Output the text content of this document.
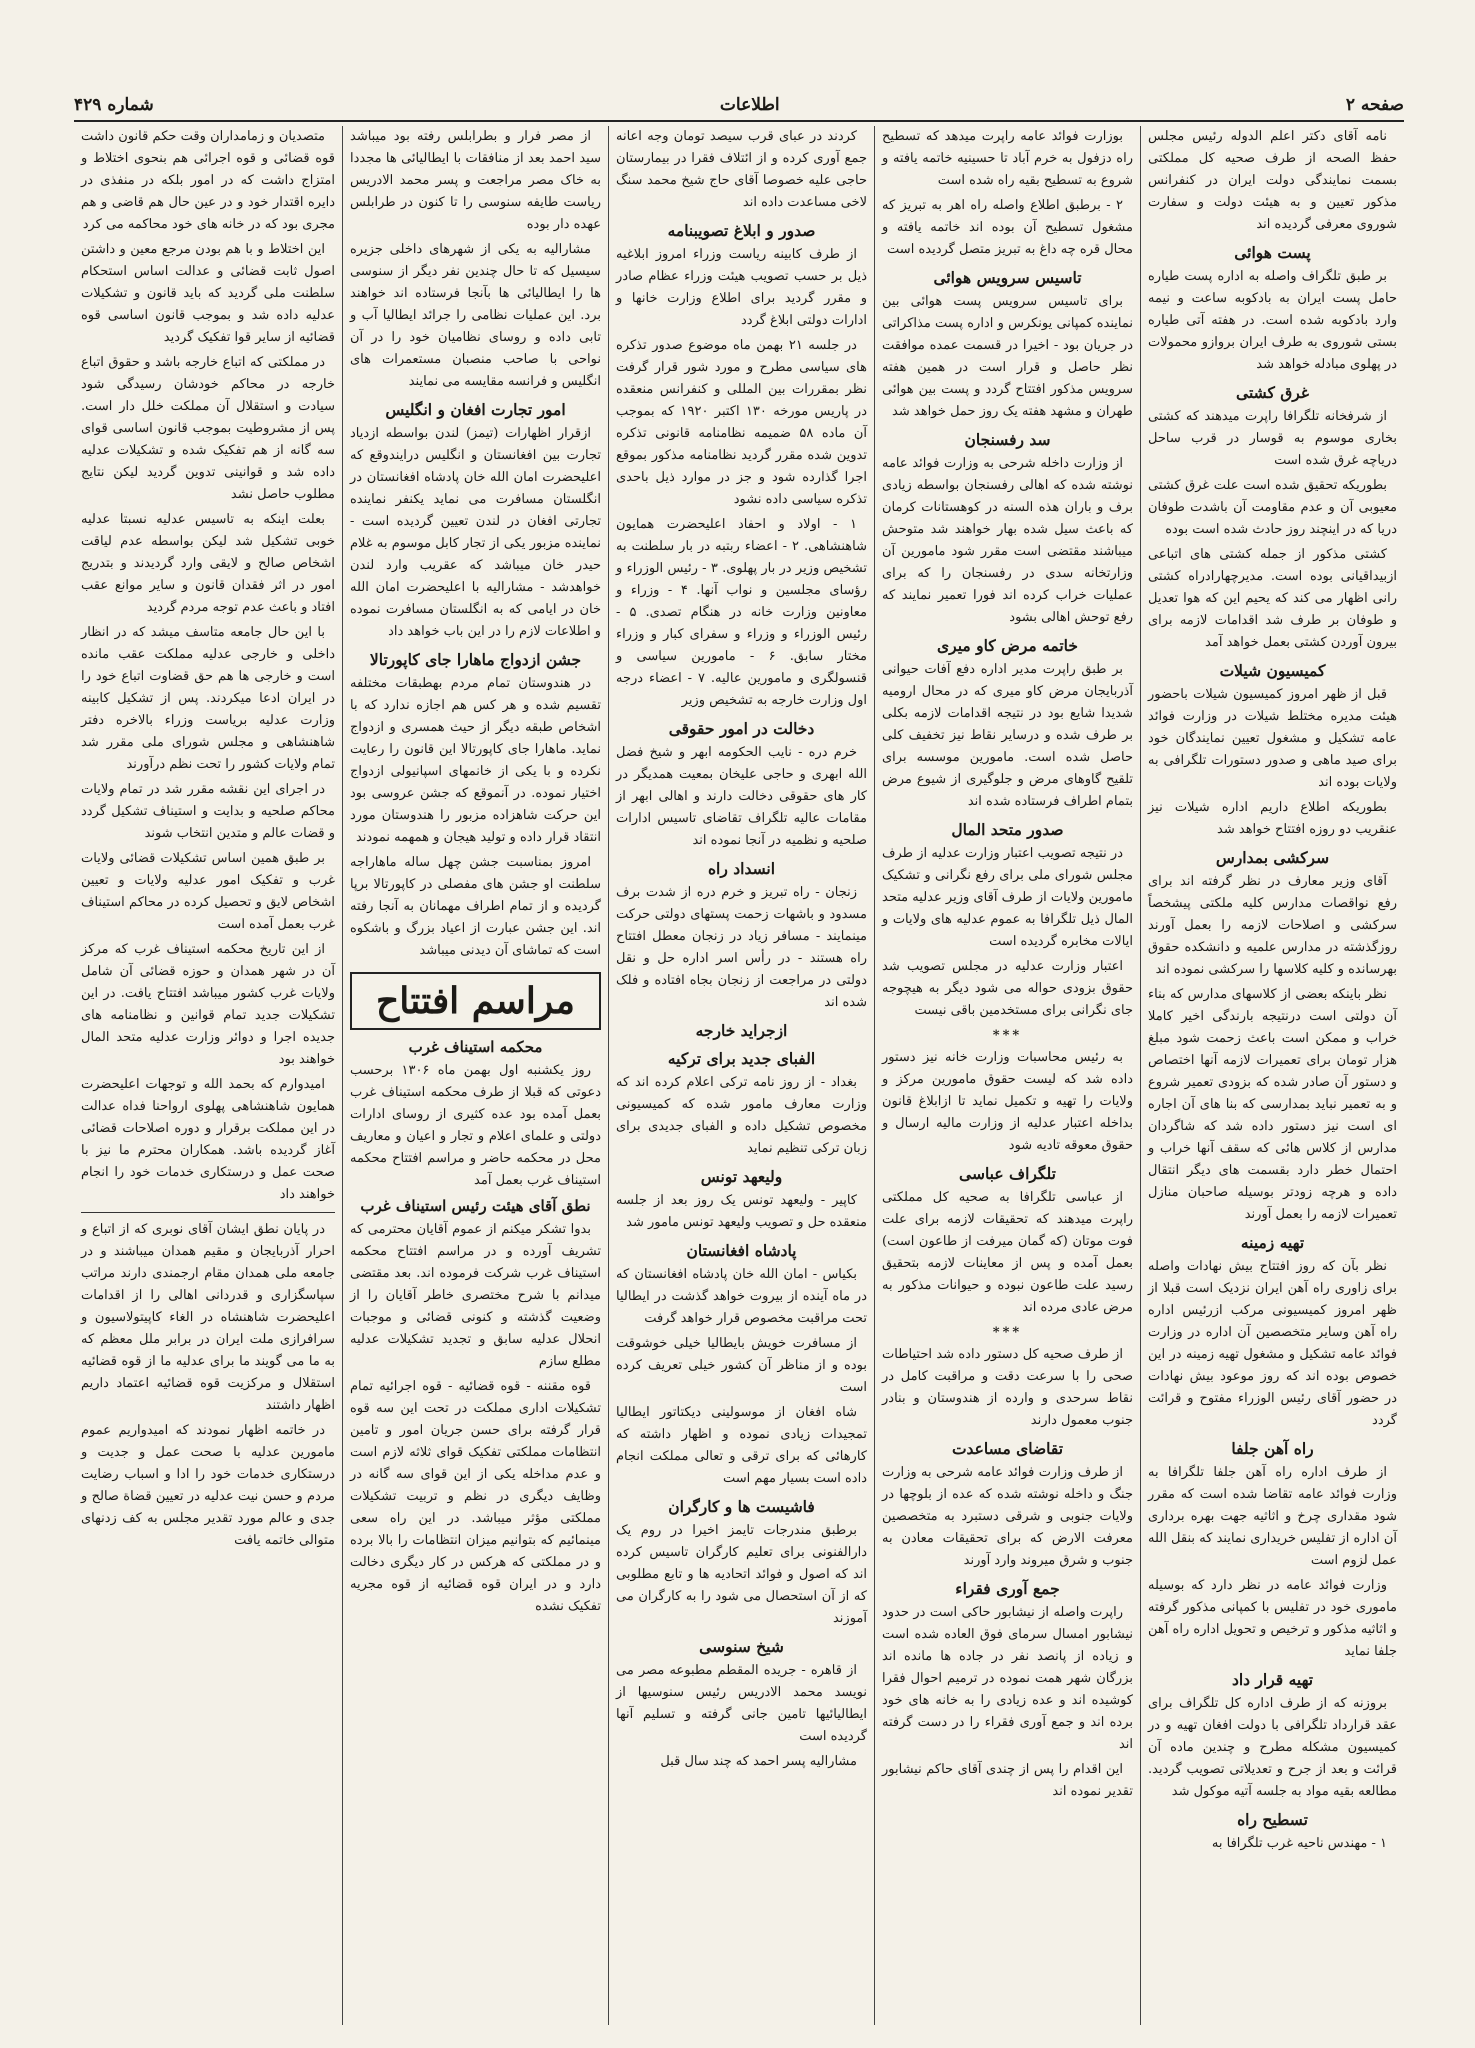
صفحه ۲
اطلاعات
شماره ۴۲۹

نامه آقای دکتر اعلم الدوله رئیس مجلس حفظ الصحه از طرف صحیه کل مملکتی بسمت نمایندگی دولت ایران در کنفرانس مذکور تعیین و به هیئت دولت و سفارت شوروی معرفی گردیده اند

پست هوائی

بر طبق تلگراف واصله به اداره پست طیاره حامل پست ایران به بادکوبه ساعت و نیمه وارد بادکوبه شده است. در هفته آتی طیاره بستی شوروی به طرف ایران بروازو محمولات در پهلوی مبادله خواهد شد

غرق کشتی

از شرفخانه تلگرافا راپرت میدهند که کشتی بخاری موسوم به قوسار در قرب ساحل دریاچه غرق شده است

بطوریکه تحقیق شده است علت غرق کشتی معیوبی آن و عدم مقاومت آن باشدت طوفان دریا که در اینچند روز حادث شده است بوده

کشتی مذکور از جمله کشتی های اتباعی ازبیداقیانی بوده است. مدیرچهارادراه کشتی رانی اظهار می کند که یحیم این که هوا تعدیل و طوفان بر طرف شد اقدامات لازمه برای بیرون آوردن کشتی بعمل خواهد آمد

کمیسیون شیلات

قبل از ظهر امروز کمیسیون شیلات باحضور هیئت مدیره مختلط شیلات در وزارت فوائد عامه تشکیل و مشغول تعیین نمایندگان خود برای صید ماهی و صدور دستورات تلگرافی به ولایات بوده اند

بطوریکه اطلاع داریم اداره شیلات نیز عنقریب دو روزه افتتاح خواهد شد

سرکشی بمدارس

آقای وزیر معارف در نظر گرفته اند برای رفع نواقصات مدارس کلیه ملکتی پیشخصاً سرکشی و اصلاحات لازمه را بعمل آورند روزگذشته در مدارس علمیه و دانشکده حقوق بهرسانده و کلیه کلاسها را سرکشی نموده اند

نظر باینکه بعضی از کلاسهای مدارس که بناء آن دولتی است درنتیجه بارندگی اخیر کاملا خراب و ممکن است باعث زحمت شود مبلغ هزار تومان برای تعمیرات لازمه آنها اختصاص و دستور آن صادر شده که بزودی تعمیر شروع و به تعمیر نباید بمدارسی که بنا های آن اجاره ای است نیز دستور داده شد که شاگردان مدارس از کلاس هائی که سقف آنها خراب و احتمال خطر دارد بقسمت های دیگر انتقال داده و هرچه زودتر بوسیله صاحبان منازل تعمیرات لازمه را بعمل آورند

تهیه زمینه

نظر بآن که روز افتتاح بیش نهادات واصله برای زاوری راه آهن ایران نزدیک است قبلا از ظهر امروز کمیسیونی مرکب ازرئیس اداره راه آهن وسایر متخصصین آن اداره در وزارت فوائد عامه تشکیل و مشغول تهیه زمینه در این خصوص بوده اند که روز موعود بیش نهادات در حضور آقای رئیس الوزراء مفتوح و قرائت گردد

راه آهن جلفا

از طرف اداره راه آهن جلفا تلگرافا به وزارت فوائد عامه تقاضا شده است که مقرر شود مقداری چرخ و اثاثیه جهت بهره برداری آن اداره از تفلیس خریداری نمایند که بنقل الله عمل لزوم است

وزارت فوائد عامه در نظر دارد که بوسیله ماموری خود در تفلیس با کمپانی مذکور گرفته و اثاثیه مذکور و ترخیص و تحویل اداره راه آهن جلفا نماید

تهیه قرار داد

بروزنه که از طرف اداره کل تلگراف برای عقد قرارداد تلگرافی با دولت افغان تهیه و در کمیسیون مشکله مطرح و چندین ماده آن قرائت و بعد از جرح و تعدیلاتی تصویب گردید. مطالعه بقیه مواد به جلسه آتیه موکول شد

تسطیح راه

۱ - مهندس ناحیه غرب تلگرافا به

بوزارت فوائد عامه راپرت میدهد که تسطیح راه دزفول به خرم آباد تا حسینیه خاتمه یافته و شروع به تسطیح بقیه راه شده است

۲ - برطبق اطلاع واصله راه اهر به تبریز که مشغول تسطیح آن بوده اند خاتمه یافته و محال قره چه داغ به تبریز متصل گردیده است

تاسیس سرویس هوائی

برای تاسیس سرویس پست هوائی بین نماینده کمپانی یونکرس و اداره پست مذاکراتی در جریان بود - اخیرا در قسمت عمده موافقت نظر حاصل و قرار است در همین هفته سرویس مذکور افتتاح گردد و پست بین هوائی طهران و مشهد هفته یک روز حمل خواهد شد

سد رفسنجان

از وزارت داخله شرحی به وزارت فوائد عامه نوشته شده که اهالی رفسنجان بواسطه زیادی برف و باران هذه السنه در کوهستانات کرمان که باعث سیل شده بهار خواهند شد متوحش میباشند مقتضی است مقرر شود مامورین آن وزارتخانه سدی در رفسنجان را که برای عملیات خراب کرده اند فورا تعمیر نمایند که رفع توحش اهالی بشود

خاتمه مرض کاو میری

بر طبق راپرت مدیر اداره دفع آفات حیوانی آذربایجان مرض کاو میری که در محال ارومیه شدیدا شایع بود در نتیجه اقدامات لازمه بکلی بر طرف شده و درسایر نقاط نیز تخفیف کلی حاصل شده است. مامورین موسسه برای تلقیح گاوهای مرض و جلوگیری از شیوع مرض بتمام اطراف فرستاده شده اند

صدور متحد المال

در نتیجه تصویب اعتبار وزارت عدلیه از طرف مجلس شورای ملی برای رفع نگرانی و تشکیک مامورین ولایات از طرف آقای وزیر عدلیه متحد المال ذیل تلگرافا به عموم عدلیه های ولایات و ایالات مخابره گردیده است

اعتبار وزارت عدلیه در مجلس تصویب شد حقوق بزودی حواله می شود دیگر به هیچوجه جای نگرانی برای مستخدمین باقی نیست

***

به رئیس محاسبات وزارت خانه نیز دستور داده شد که لیست حقوق مامورین مرکز و ولایات را تهیه و تکمیل نماید تا ازابلاغ قانون بداخله اعتبار عدلیه از وزارت مالیه ارسال و حقوق معوقه تادیه شود

تلگراف عباسی

از عباسی تلگرافا به صحیه کل مملکتی راپرت میدهند که تحقیقات لازمه برای علت فوت موتان (که گمان میرفت از طاعون است) بعمل آمده و پس از معاینات لازمه بتحقیق رسید علت طاعون نبوده و حیوانات مذکور به مرض عادی مرده اند

***

از طرف صحیه کل دستور داده شد احتیاطات صحی را با سرعت دقت و مراقبت کامل در نقاط سرحدی و وارده از هندوستان و بنادر جنوب معمول دارند

تقاضای مساعدت

از طرف وزارت فوائد عامه شرحی به وزارت جنگ و داخله نوشته شده که عده از بلوچها در ولایات جنوبی و شرقی دستبرد به متخصصین معرفت الارض که برای تحقیقات معادن به جنوب و شرق میروند وارد آورند

جمع آوری فقراء

راپرت واصله از نیشابور حاکی است در حدود نیشابور امسال سرمای فوق العاده شده است و زیاده از پانصد نفر در جاده ها مانده اند بزرگان شهر همت نموده در ترمیم احوال فقرا کوشیده اند و عده زیادی را به خانه های خود برده اند و جمع آوری فقراء را در دست گرفته اند

این اقدام را پس از چندی آقای حاکم نیشابور تقدیر نموده اند

کردند در عبای قرب سیصد تومان وجه اعانه جمع آوری کرده و از ائتلاف فقرا در بیمارستان حاجی علیه خصوصا آقای حاج شیخ محمد سنگ لاخی مساعدت داده اند

صدور و ابلاغ تصویبنامه

از طرف کابینه ریاست وزراء امروز ابلاغیه ذیل بر حسب تصویب هیئت وزراء عظام صادر و مقرر گردید برای اطلاع وزارت خانها و ادارات دولتی ابلاغ گردد

در جلسه ۲۱ بهمن ماه موضوع صدور تذکره های سیاسی مطرح و مورد شور قرار گرفت نظر بمقررات بین المللی و کنفرانس منعقده در پاریس مورخه ۱۳۰ اکتبر ۱۹۲۰ که بموجب آن ماده ۵۸ ضمیمه نظامنامه قانونی تذکره تدوین شده مقرر گردید نظامنامه مذکور بموقع اجرا گذارده شود و جز در موارد ذیل باحدی تذکره سیاسی داده نشود

۱ - اولاد و احفاد اعلیحضرت همایون شاهنشاهی. ۲ - اعضاء ربتبه در بار سلطنت به تشخیص وزیر در بار پهلوی. ۳ - رئیس الوزراء و رؤسای مجلسین و نواب آنها. ۴ - وزراء و معاونین وزارت خانه در هنگام تصدی. ۵ - رئیس الوزراء و وزراء و سفرای کبار و وزراء مختار سابق. ۶ - مامورین سیاسی و قنسولگری و مامورین عالیه. ۷ - اعضاء درجه اول وزارت خارجه به تشخیص وزیر

دخالت در امور حقوقی

خرم دره - نایب الحکومه ابهر و شیخ فضل الله ابهری و حاجی علیخان بمعیت همدیگر در کار های حقوقی دخالت دارند و اهالی ابهر از مقامات عالیه تلگراف تقاضای تاسیس ادارات صلحیه و نظمیه در آنجا نموده اند

انسداد راه

زنجان - راه تبریز و خرم دره از شدت برف مسدود و باشهات زحمت پستهای دولتی حرکت مینمایند - مسافر زیاد در زنجان معطل افتتاح راه هستند - در رأس اسر اداره حل و نقل دولتی در مراجعت از زنجان بجاه افتاده و فلک شده اند

ازجراید خارجه
الفبای جدید برای ترکیه

بغداد - از روز نامه ترکی اعلام کرده اند که وزارت معارف مامور شده که کمیسیونی مخصوص تشکیل داده و الفبای جدیدی برای زبان ترکی تنظیم نماید

ولیعهد تونس

کاپیر - ولیعهد تونس یک روز بعد از جلسه منعقده حل و تصویب ولیعهد تونس مامور شد

پادشاه افغانستان

بکیاس - امان الله خان پادشاه افغانستان که در ماه آینده از بیروت خواهد گذشت در ایطالیا تحت مراقبت مخصوص قرار خواهد گرفت

از مسافرت خویش بایطالیا خیلی خوشوقت بوده و از مناظر آن کشور خیلی تعریف کرده است

شاه افغان از موسولینی دیکتاتور ایطالیا تمجیدات زیادی نموده و اظهار داشته که کارهائی که برای ترقی و تعالی مملکت انجام داده است بسیار مهم است

فاشیست ها و کارگران

برطبق مندرجات تایمز اخیرا در روم یک دارالفنونی برای تعلیم کارگران تاسیس کرده اند که اصول و فوائد اتحادیه ها و تابع مطلوبی که از آن استحصال می شود را به کارگران می آموزند

شیخ سنوسی

از قاهره - جریده المقطم مطبوعه مصر می نویسد محمد الادریس رئیس سنوسیها از ایطالیائیها تامین جانی گرفته و تسلیم آنها گردیده است

مشارالیه پسر احمد که چند سال قبل

از مصر فرار و بطرابلس رفته بود میباشد سید احمد بعد از منافقات با ایطالیائی ها مجددا به خاک مصر مراجعت و پسر محمد الادریس ریاست طایفه سنوسی را تا کنون در طرابلس عهده دار بوده

مشارالیه به یکی از شهرهای داخلی جزیره سیسیل که تا حال چندین نفر دیگر از سنوسی ها را ایطالیائی ها بآنجا فرستاده اند خواهند برد. این عملیات نظامی را جرائد ایطالیا آب و تابی داده و روسای نظامیان خود را در آن نواحی با صاحب منصبان مستعمرات های انگلیس و فرانسه مقایسه می نمایند

امور تجارت افغان و انگلیس

ازقرار اظهارات (تیمز) لندن بواسطه ازدیاد تجارت بین افغانستان و انگلیس درایندوقع که اعلیحضرت امان الله خان پادشاه افغانستان در انگلستان مسافرت می نماید یکنفر نماینده تجارتی افغان در لندن تعیین گردیده است - نماینده مزبور یکی از تجار کابل موسوم به غلام حیدر خان میباشد که عقریب وارد لندن خواهدشد - مشارالیه با اعلیحضرت امان الله خان در ایامی که به انگلستان مسافرت نموده و اطلاعات لازم را در این باب خواهد داد

جشن ازدواج ماهارا جای کاپورتالا

در هندوستان تمام مردم بهطبقات مختلفه تقسیم شده و هر کس هم اجازه ندارد که با اشخاص طبقه دیگر از حیث همسری و ازدواج نماید. ماهارا جای کاپورتالا این قانون را رعایت نکرده و با یکی از خانمهای اسپانیولی ازدواج اختیار نموده. در آنموقع که جشن عروسی بود این حرکت شاهزاده مزبور را هندوستان مورد انتقاد قرار داده و تولید هیجان و همهمه نمودند

امروز بمناسبت جشن چهل ساله ماهاراجه سلطنت او جشن های مفصلی در کاپورتالا برپا گردیده و از تمام اطراف مهمانان به آنجا رفته اند. این جشن عبارت از اعیاد بزرگ و باشکوه است که تماشای آن دیدنی میباشد

مراسم افتتاح
محکمه استیناف غرب

روز یکشنبه اول بهمن ماه ۱۳۰۶ برحسب دعوتی که قبلا از طرف محکمه استیناف غرب بعمل آمده بود عده کثیری از روسای ادارات دولتی و علمای اعلام و تجار و اعیان و معاریف محل در محکمه حاضر و مراسم افتتاح محکمه استیناف غرب بعمل آمد

نطق آقای هیئت رئیس استیناف غرب

بدوا تشکر میکنم از عموم آقایان محترمی که تشریف آورده و در مراسم افتتاح محکمه استیناف غرب شرکت فرموده اند. بعد مقتضی میدانم با شرح مختصری خاطر آقایان را از وضعیت گذشته و کنونی قضائی و موجبات انحلال عدلیه سابق و تجدید تشکیلات عدلیه مطلع سازم

قوه مقننه - قوه قضائیه - قوه اجرائیه تمام تشکیلات اداری مملکت در تحت این سه قوه قرار گرفته برای حسن جریان امور و تامین انتظامات مملکتی تفکیک قوای ثلاثه لازم است و عدم مداخله یکی از این قوای سه گانه در وظایف دیگری در نظم و تربیت تشکیلات مملکتی مؤثر میباشد. در این راه سعی مینمائیم که بتوانیم میزان انتظامات را بالا برده و در مملکتی که هرکس در کار دیگری دخالت دارد و در ایران قوه قضائیه از قوه مجریه تفکیک نشده

متصدیان و زمامداران وقت حکم قانون داشت قوه قضائی و قوه اجرائی هم بنحوی اختلاط و امتزاج داشت که در امور بلکه در منفذی در دایره اقتدار خود و در عین حال هم قاضی و هم مجری بود که در خانه های خود محاکمه می کرد

این اختلاط و با هم بودن مرجع معین و داشتن اصول ثابت قضائی و عدالت اساس استحکام سلطنت ملی گردید که باید قانون و تشکیلات عدلیه داده شد و بموجب قانون اساسی قوه قضائیه از سایر قوا تفکیک گردید

در مملکتی که اتباع خارجه باشد و حقوق اتباع خارجه در محاکم خودشان رسیدگی شود سیادت و استقلال آن مملکت خلل دار است. پس از مشروطیت بموجب قانون اساسی قوای سه گانه از هم تفکیک شده و تشکیلات عدلیه داده شد و قوانینی تدوین گردید لیکن نتایج مطلوب حاصل نشد

بعلت اینکه به تاسیس عدلیه نسبتا عدلیه خوبی تشکیل شد لیکن بواسطه عدم لیاقت اشخاص صالح و لایقی وارد گردیدند و بتدریج امور در اثر فقدان قانون و سایر موانع عقب افتاد و باعث عدم توجه مردم گردید

با این حال جامعه متاسف میشد که در انظار داخلی و خارجی عدلیه مملکت عقب مانده است و خارجی ها هم حق قضاوت اتباع خود را در ایران ادعا میکردند. پس از تشکیل کابینه وزارت عدلیه بریاست وزراء بالاخره دفتر شاهنشاهی و مجلس شورای ملی مقرر شد تمام ولایات کشور را تحت نظم درآورند

در اجرای این نقشه مقرر شد در تمام ولایات محاکم صلحیه و بدایت و استیناف تشکیل گردد و قضات عالم و متدین انتخاب شوند

بر طبق همین اساس تشکیلات قضائی ولایات غرب و تفکیک امور عدلیه ولایات و تعیین اشخاص لایق و تحصیل کرده در محاکم استیناف غرب بعمل آمده است

از این تاریخ محکمه استیناف غرب که مرکز آن در شهر همدان و حوزه قضائی آن شامل ولایات غرب کشور میباشد افتتاح یافت. در این تشکیلات جدید تمام قوانین و نظامنامه های جدیده اجرا و دوائر وزارت عدلیه متحد المال خواهند بود

امیدوارم که بحمد الله و توجهات اعلیحضرت همایون شاهنشاهی پهلوی ارواحنا فداه عدالت در این مملکت برقرار و دوره اصلاحات قضائی آغاز گردیده باشد. همکاران محترم ما نیز با صحت عمل و درستکاری خدمات خود را انجام خواهند داد

در پایان نطق ایشان آقای نوبری که از اتباع و احرار آذربایجان و مقیم همدان میباشند و در جامعه ملی همدان مقام ارجمندی دارند مراتب سپاسگزاری و قدردانی اهالی را از اقدامات اعلیحضرت شاهنشاه در الغاء کاپیتولاسیون و سرافرازی ملت ایران در برابر ملل معظم که به ما می گویند ما برای عدلیه ما از قوه قضائیه استقلال و مرکزیت قوه قضائیه اعتماد داریم اظهار داشتند

در خاتمه اظهار نمودند که امیدواریم عموم مامورین عدلیه با صحت عمل و جدیت و درستکاری خدمات خود را ادا و اسباب رضایت مردم و حسن نیت عدلیه در تعیین قضاة صالح و جدی و عالم مورد تقدیر مجلس به کف زدنهای متوالی خاتمه یافت
